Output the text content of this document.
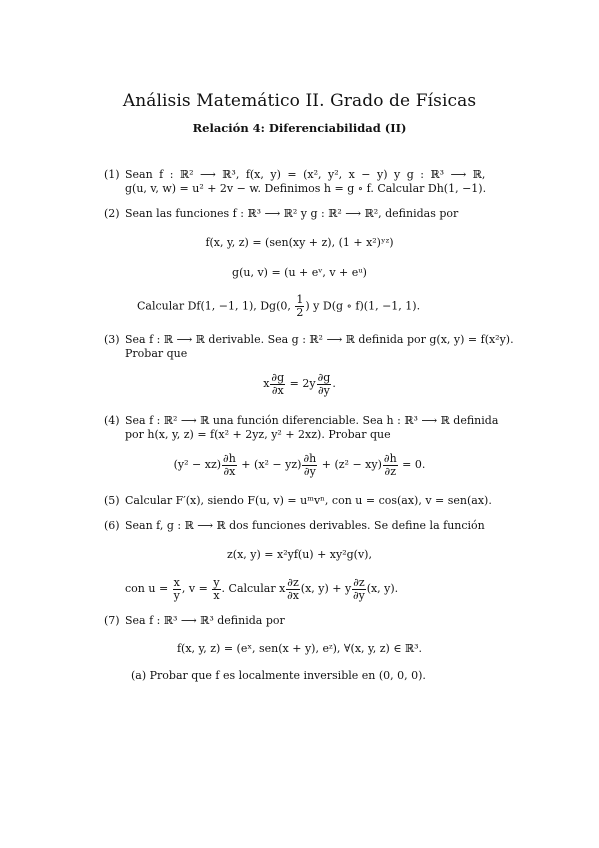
Análisis Matemático II. Grado de Físicas
Relación 4: Diferenciabilidad (II)
(1) Sean f : ℝ² ⟶ ℝ³, f(x, y) = (x², y², x − y) y g : ℝ³ ⟶ ℝ,
g(u, v, w) = u² + 2v − w. Definimos h = g ∘ f. Calcular Dh(1, −1).
(2) Sean las funciones f : ℝ³ ⟶ ℝ² y g : ℝ² ⟶ ℝ², definidas por
f(x, y, z) = (sen(xy + z), (1 + x²)ʸᶻ)
g(u, v) = (u + eᵛ, v + eᵘ)
Calcular Df(1, −1, 1), Dg(0, $\frac{1}{2}$ ) y D(g ∘ f)(1, −1, 1).
(3) Sea f : ℝ ⟶ ℝ derivable. Sea g : ℝ² ⟶ ℝ definida por g(x, y) = f(x²y).
Probar que
x $\frac{\partial g}{\partial x} = 2y \frac{\partial g}{\partial y}$ .
(4) Sea f : ℝ² ⟶ ℝ una función diferenciable. Sea h : ℝ³ ⟶ ℝ definida
por h(x, y, z) = f(x² + 2yz, y² + 2xz). Probar que
$(y^2 - xz) \frac{\partial h}{\partial x} + (x^2 - yz) \frac{\partial h}{\partial y} + (z^2 - xy) \frac{\partial h}{\partial z} = 0$.
(5) Calcular F′(x), siendo F(u, v) = uᵐvⁿ, con u = cos(ax), v = sen(ax).
(6) Sean f, g : ℝ ⟶ ℝ dos funciones derivables. Se define la función
z(x, y) = x²yf(u) + xy²g(v),
con $u = \frac{x}{y}$ , $v = \frac{y}{x}$ . Calcular x $\frac{\partial z}{\partial x} (x$, y) + y $\frac{\partial z}{\partial y} (x$, y).
(7) Sea f : ℝ³ ⟶ ℝ³ definida por
f(x, y, z) = (eˣ, sen(x + y), eᶻ), ∀(x, y, z) ∈ ℝ³.
(a) Probar que f es localmente inversible en (0, 0, 0).
